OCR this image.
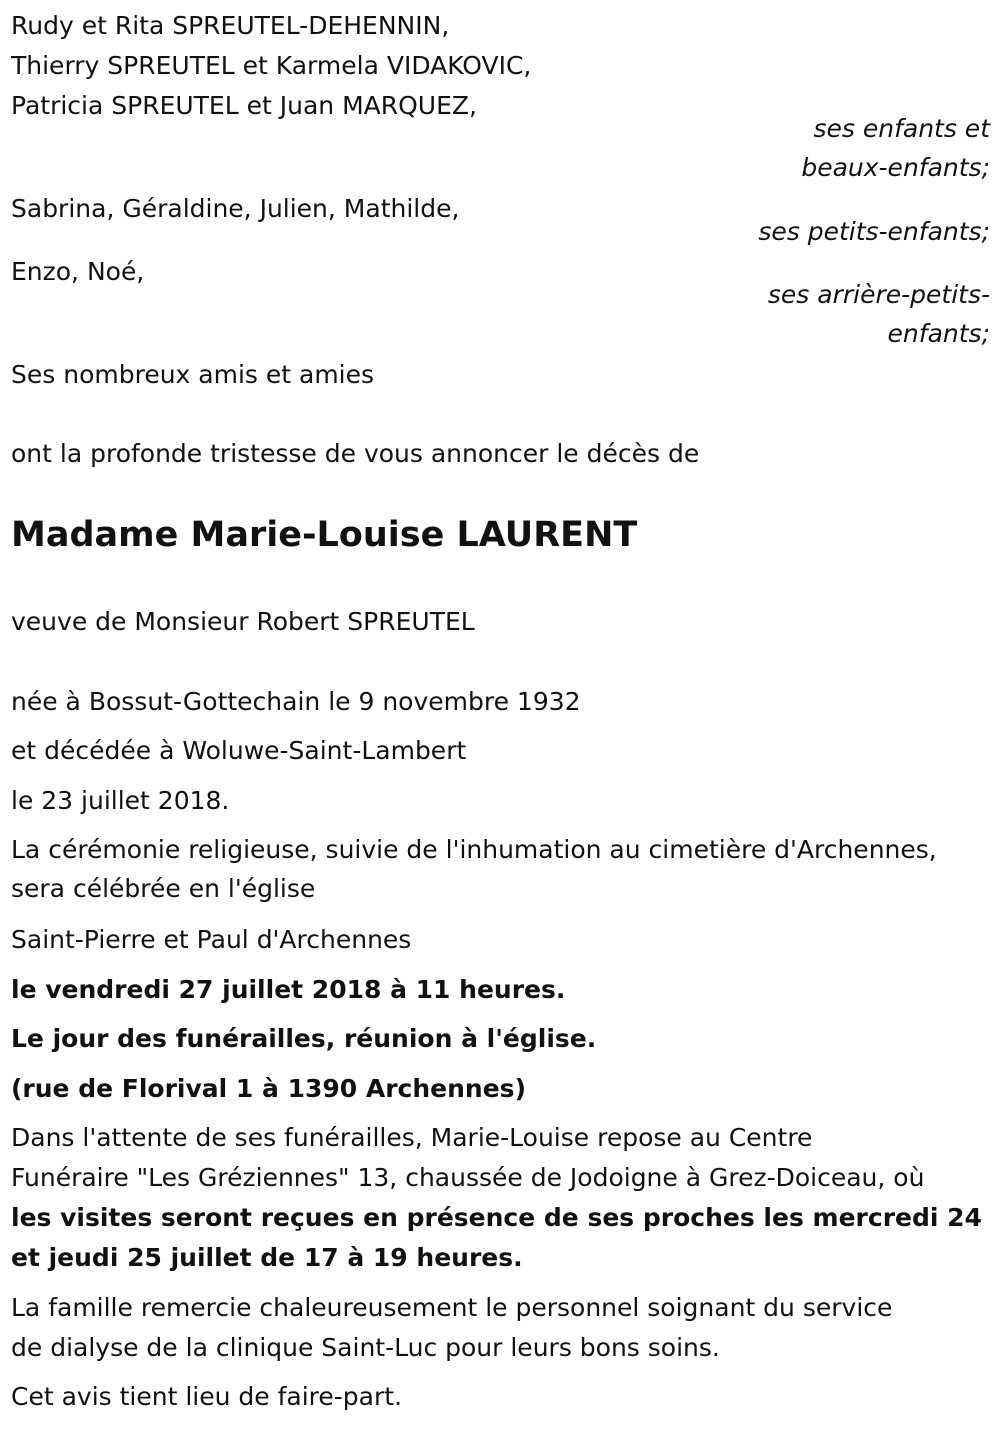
Rudy et Rita SPREUTEL-DEHENNIN,
Thierry SPREUTEL et Karmela VIDAKOVIC,
Patricia SPREUTEL et Juan MARQUEZ,
ses enfants et
beaux-enfants;
Sabrina, Géraldine, Julien, Mathilde,
ses petits-enfants;
Enzo, Noé,
ses arrière-petits-
enfants;
Ses nombreux amis et amies
ont la profonde tristesse de vous annoncer le décès de
Madame Marie-Louise LAURENT
veuve de Monsieur Robert SPREUTEL
née à Bossut-Gottechain le 9 novembre 1932
et décédée à Woluwe-Saint-Lambert
le 23 juillet 2018.
La cérémonie religieuse, suivie de l'inhumation au cimetière d'Archennes,
sera célébrée en l'église
Saint-Pierre et Paul d'Archennes
le vendredi 27 juillet 2018 à 11 heures.
Le jour des funérailles, réunion à l'église.
(rue de Florival 1 à 1390 Archennes)
Dans l'attente de ses funérailles, Marie-Louise repose au Centre
Funéraire "Les Gréziennes" 13, chaussée de Jodoigne à Grez-Doiceau, où
les visites seront reçues en présence de ses proches les mercredi 24
et jeudi 25 juillet de 17 à 19 heures.
La famille remercie chaleureusement le personnel soignant du service
de dialyse de la clinique Saint-Luc pour leurs bons soins.
Cet avis tient lieu de faire-part.
